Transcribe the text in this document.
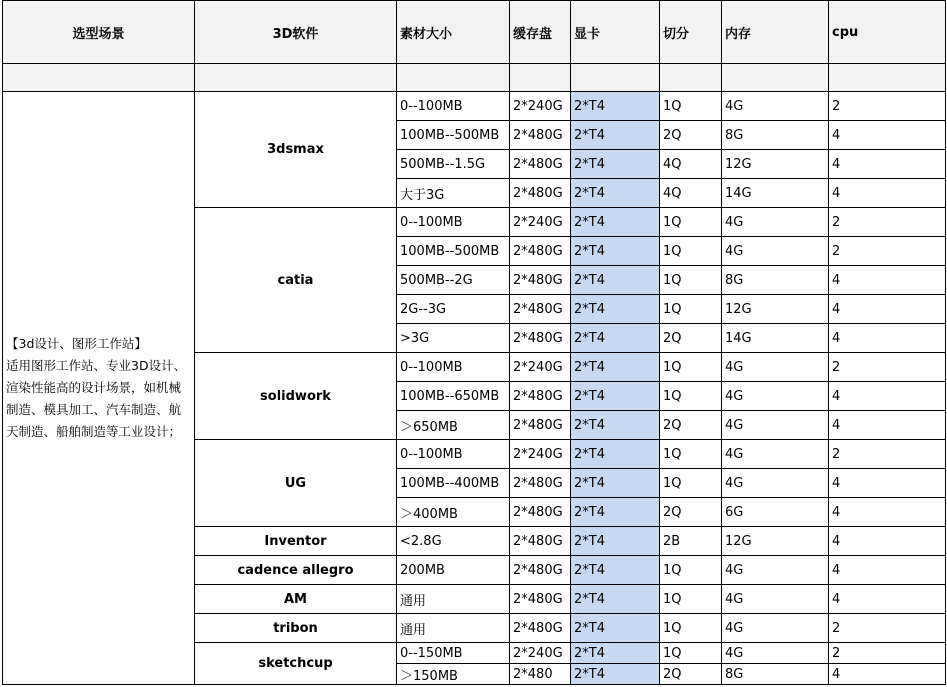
选型场景	3D软件	素材大小	缓存盘	显卡	切分	内存	cpu

【3d设计、图形工作站】
适用图形工作站、专业3D设计、渲染性能高的设计场景，如机械制造、模具加工、汽车制造、航天制造、船舶制造等工业设计；	3dsmax	0--100MB	2*240G	2*T4	1Q	4G	2
		100MB--500MB	2*480G	2*T4	2Q	8G	4
		500MB--1.5G	2*480G	2*T4	4Q	12G	4
		大于3G	2*480G	2*T4	4Q	14G	4
	catia	0--100MB	2*240G	2*T4	1Q	4G	2
		100MB--500MB	2*480G	2*T4	1Q	4G	2
		500MB--2G	2*480G	2*T4	1Q	8G	4
		2G--3G	2*480G	2*T4	1Q	12G	4
		>3G	2*480G	2*T4	2Q	14G	4
	solidwork	0--100MB	2*240G	2*T4	1Q	4G	2
		100MB--650MB	2*480G	2*T4	1Q	4G	4
		＞650MB	2*480G	2*T4	2Q	4G	4
	UG	0--100MB	2*240G	2*T4	1Q	4G	2
		100MB--400MB	2*480G	2*T4	1Q	4G	4
		＞400MB	2*480G	2*T4	2Q	6G	4
	Inventor	<2.8G	2*480G	2*T4	2B	12G	4
	cadence allegro	200MB	2*480G	2*T4	1Q	4G	4
	AM	通用	2*480G	2*T4	1Q	4G	4
	tribon	通用	2*480G	2*T4	1Q	4G	2
	sketchcup	0--150MB	2*240G	2*T4	1Q	4G	2
		＞150MB	2*480	2*T4	2Q	8G	4
